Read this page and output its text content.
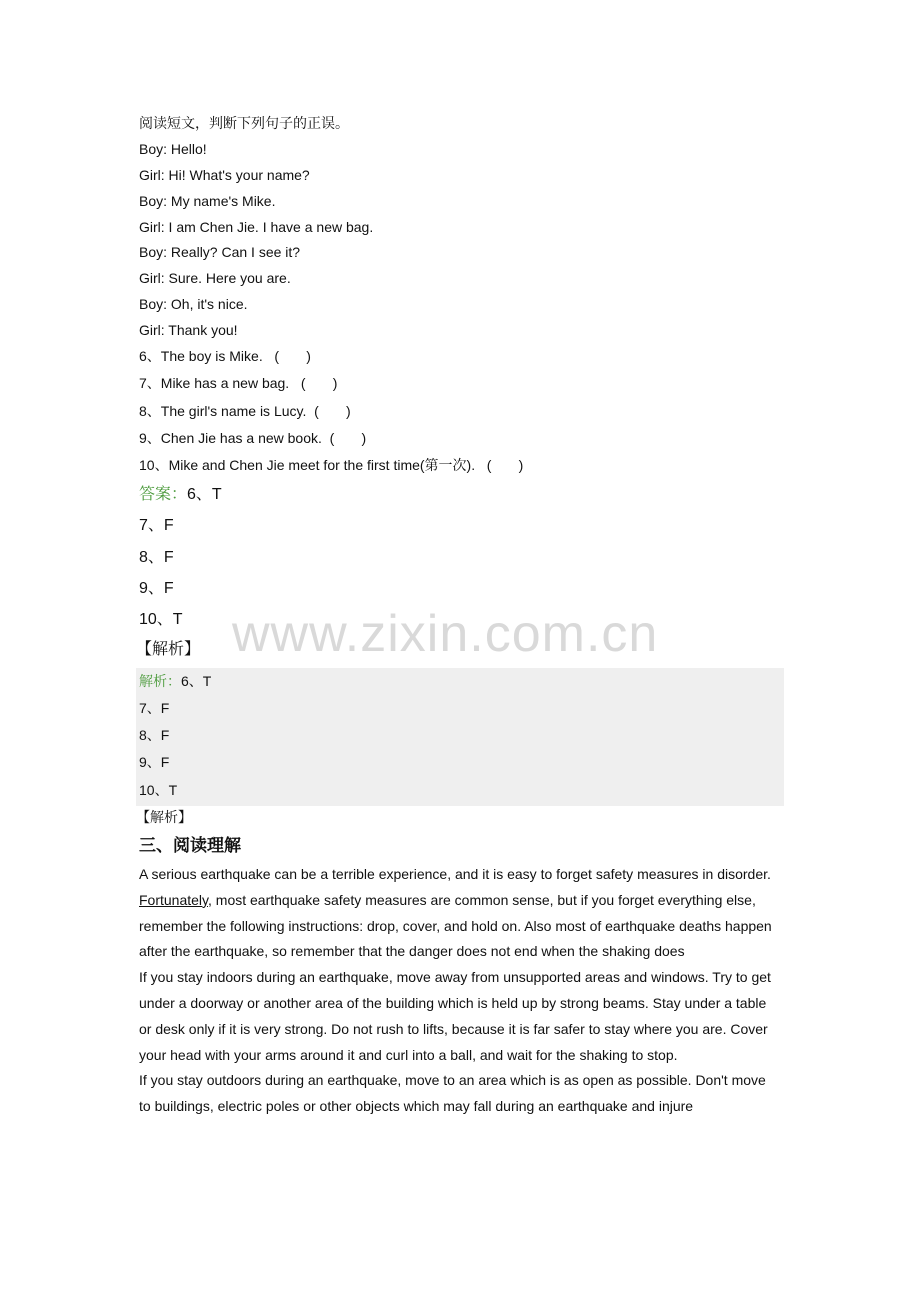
阅读短文，判断下列句子的正误。
Boy: Hello!
Girl: Hi! What's your name?
Boy: My name's Mike.
Girl: I am Chen Jie. I have a new bag.
Boy: Really? Can I see it?
Girl: Sure. Here you are.
Boy: Oh, it's nice.
Girl: Thank you!
6、The boy is Mike.   (       )
7、Mike has a new bag.   (       )
8、The girl's name is Lucy.  (       )
9、Chen Jie has a new book.  (       )
10、Mike and Chen Jie meet for the first time(第一次).   (       )
答案：6、T
7、F
8、F
9、F
10、T
【解析】
解析：6、T
7、F
8、F
9、F
10、T
【解析】
www.zixin.com.cn
三、阅读理解

A serious earthquake can be a terrible experience, and it is easy to forget safety measures in disorder. Fortunately, most earthquake safety measures are common sense, but if you forget everything else, remember the following instructions: drop, cover, and hold on. Also most of earthquake deaths happen after the earthquake, so remember that the danger does not end when the shaking does

If you stay indoors during an earthquake, move away from unsupported areas and windows. Try to get under a doorway or another area of the building which is held up by strong beams. Stay under a table or desk only if it is very strong. Do not rush to lifts, because it is far safer to stay where you are. Cover your head with your arms around it and curl into a ball, and wait for the shaking to stop.

If you stay outdoors during an earthquake, move to an area which is as open as possible. Don't move to buildings, electric poles or other objects which may fall during an earthquake and injure
